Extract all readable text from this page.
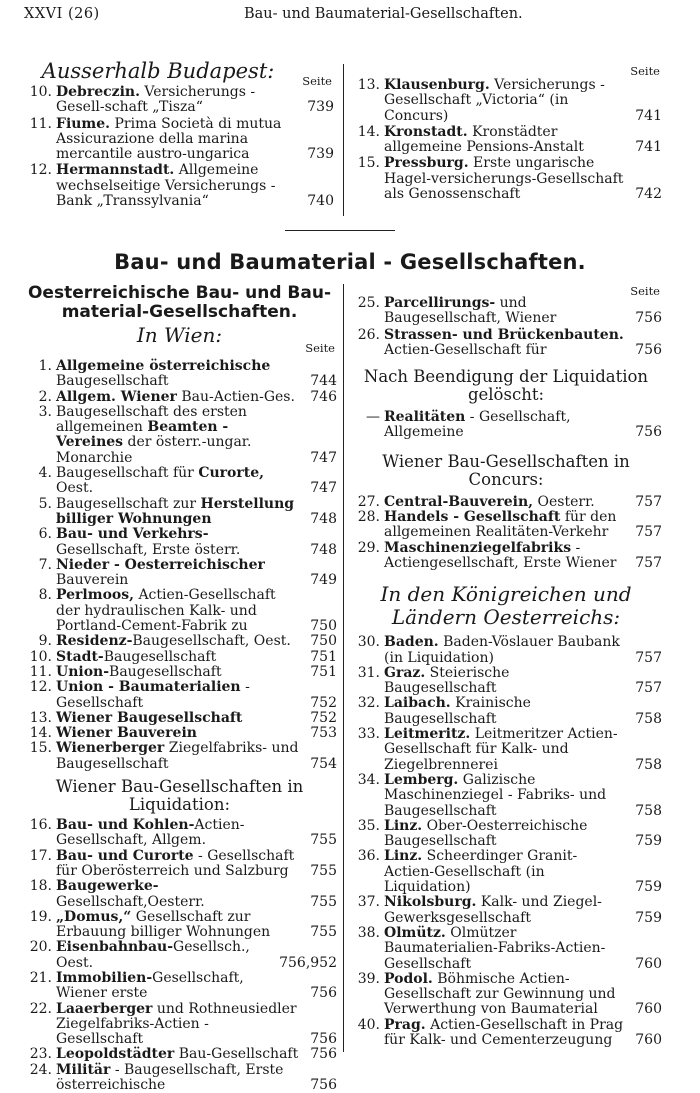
XXVI (26)	Bau- und Baumaterial-Gesellschaften.
Ausserhalb Budapest:	Seite
10. Debreczin. Versicherungs - Gesell-schaft „Tisza“	739
11. Fiume. Prima Società di mutua Assicurazione della marina mercantile austro-ungarica	739
12. Hermannstadt. Allgemeine wechselseitige Versicherungs - Bank „Transsylvania“	740
Seite
13. Klausenburg. Versicherungs - Gesellschaft „Victoria“ (in Concurs)	741
14. Kronstadt. Kronstädter allgemeine Pensions-Anstalt	741
15. Pressburg. Erste ungarische Hagel-versicherungs-Gesellschaft als Genossenschaft	742
Bau- und Baumaterial - Gesellschaften.
Oesterreichische Bau- und Bau-material-Gesellschaften.
In Wien:
Seite
1. Allgemeine österreichische Baugesellschaft	744
2. Allgem. Wiener Bau-Actien-Ges.	746
3. Baugesellschaft des ersten allgemeinen Beamten - Vereines der österr.-ungar. Monarchie	747
4. Baugesellschaft für Curorte, Oest.	747
5. Baugesellschaft zur Herstellung billiger Wohnungen	748
6. Bau- und Verkehrs-Gesellschaft, Erste österr.	748
7. Nieder - Oesterreichischer Bauverein	749
8. Perlmoos, Actien-Gesellschaft der hydraulischen Kalk- und Portland-Cement-Fabrik zu	750
9. Residenz-Baugesellschaft, Oest.	750
10. Stadt-Baugesellschaft	751
11. Union-Baugesellschaft	751
12. Union - Baumaterialien - Gesellschaft	752
13. Wiener Baugesellschaft	752
14. Wiener Bauverein	753
15. Wienerberger Ziegelfabriks- und Baugesellschaft	754
Wiener Bau-Gesellschaften in Liquidation:
16. Bau- und Kohlen-Actien-Gesellschaft, Allgem.	755
17. Bau- und Curorte - Gesellschaft für Oberösterreich und Salzburg	755
18. Baugewerke-Gesellschaft,Oesterr.	755
19. „Domus,“ Gesellschaft zur Erbauung billiger Wohnungen	755
20. Eisenbahnbau-Gesellsch., Oest.	756,952
21. Immobilien-Gesellschaft, Wiener erste	756
22. Laaerberger und Rothneusiedler Ziegelfabriks-Actien - Gesellschaft	756
23. Leopoldstädter Bau-Gesellschaft 756
24. Militär - Baugesellschaft, Erste österreichische	756
Seite
25. Parcellirungs- und Baugesellschaft, Wiener	756
26. Strassen- und Brückenbauten. Actien-Gesellschaft für	756
Nach Beendigung der Liquidation gelöscht:
— Realitäten - Gesellschaft, Allgemeine	756
Wiener Bau-Gesellschaften in Concurs:
27. Central-Bauverein, Oesterr.	757
28. Handels - Gesellschaft für den allgemeinen Realitäten-Verkehr	757
29. Maschinenziegelfabriks - Actiengesellschaft, Erste Wiener	757
In den Königreichen und Ländern Oesterreichs:
30. Baden. Baden-Vöslauer Baubank (in Liquidation)	757
31. Graz. Steierische Baugesellschaft	757
32. Laibach. Krainische Baugesellschaft	758
33. Leitmeritz. Leitmeritzer Actien-Gesellschaft für Kalk- und Ziegelbrennerei	758
34. Lemberg. Galizische Maschinenziegel - Fabriks- und Baugesellschaft	758
35. Linz. Ober-Oesterreichische Baugesellschaft	759
36. Linz. Scheerdinger Granit-Actien-Gesellschaft (in Liquidation)	759
37. Nikolsburg. Kalk- und Ziegel-Gewerksgesellschaft	759
38. Olmütz. Olmützer Baumaterialien-Fabriks-Actien-Gesellschaft	760
39. Podol. Böhmische Actien-Gesellschaft zur Gewinnung und Verwerthung von Baumaterial	760
40. Prag. Actien-Gesellschaft in Prag für Kalk- und Cementerzeugung	760
